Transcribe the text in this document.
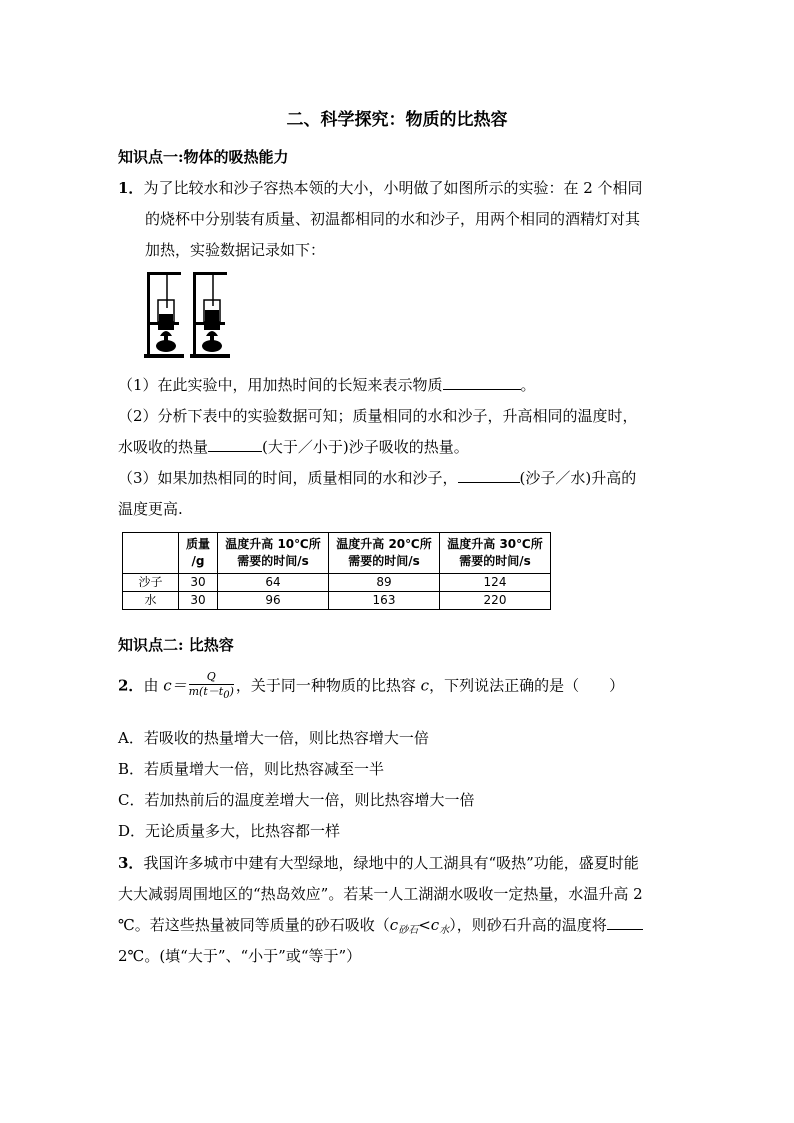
二、科学探究：物质的比热容
知识点一:物体的吸热能力
1．为了比较水和沙子容热本领的大小，小明做了如图所示的实验：在 2 个相同
的烧杯中分别装有质量、初温都相同的水和沙子，用两个相同的酒精灯对其
加热，实验数据记录如下：
（1）在此实验中，用加热时间的长短来表示物质	。
（2）分析下表中的实验数据可知；质量相同的水和沙子，升高相同的温度时，
水吸收的热量	(大于／小于)沙子吸收的热量。
（3）如果加热相同的时间，质量相同的水和沙子，	(沙子／水)升高的
温度更高.
	质量
/g	温度升高 10℃所
需要的时间/s	温度升高 20℃所
需要的时间/s	温度升高 30℃所
需要的时间/s
沙子	30	64	89	124
水	30	96	163	220
知识点二: 比热容
2．由 $c= \frac{Q}{m(t-t0)}$ ，关于同一种物质的比热容 c，下列说法正确的是（　　）
A．若吸收的热量增大一倍，则比热容增大一倍
B．若质量增大一倍，则比热容减至一半
C．若加热前后的温度差增大一倍，则比热容增大一倍
D．无论质量多大，比热容都一样
3．我国许多城市中建有大型绿地，绿地中的人工湖具有“吸热”功能，盛夏时能
大大减弱周围地区的“热岛效应”。若某一人工湖湖水吸收一定热量，水温升高 2
℃。若这些热量被同等质量的砂石吸收$(c_{砂石}<c_水)$，则砂石升高的温度将
2℃。(填“大于”、“小于”或“等于”）
